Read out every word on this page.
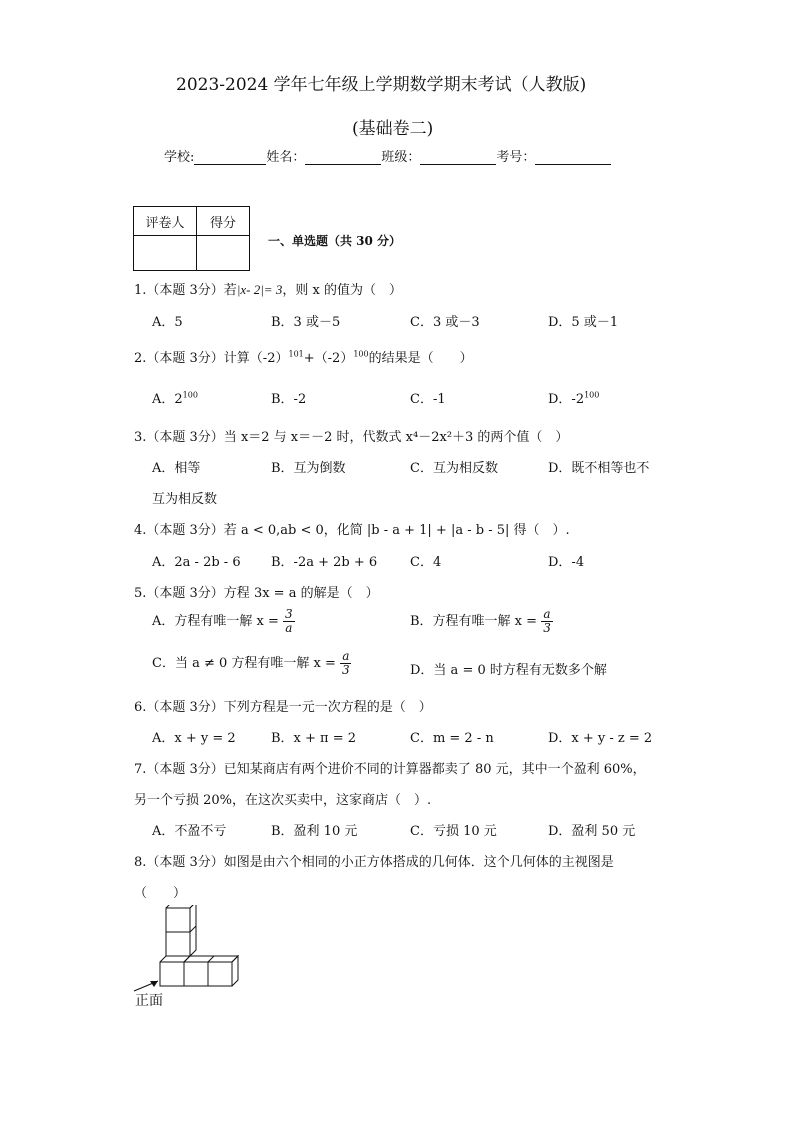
2023-2024 学年七年级上学期数学期末考试（人教版)
(基础卷二)
学校:	姓名：	班级：	考号：
评卷人	得分

一、单选题（共 30 分）
1.（本题 3分）若|x- 2|= 3，则 x 的值为（　）
A．5	B．3 或－5	C．3 或－3	D．5 或－1
2.（本题 3分）计算$(-2)^{101}+(-2)^{100}$的结果是（　　）
A．$2^{100}$	B．-2	C．-1	D．$-2^{100}$
3.（本题 3分）当 x＝2 与 x＝－2 时，代数式 x⁴－2x²＋3 的两个值（　）
A．相等	B．互为倒数	C．互为相反数	D．既不相等也不
互为相反数
4.（本题 3分）若 a < 0,ab < 0，化简 |b - a + 1| + |a - b - 5| 得（　）.
A．2a - 2b - 6 B．-2a + 2b + 6	C．4	D．-4
5.（本题 3分）方程 3x = a 的解是（　）
A．方程有唯一解 $x = \frac{3}{a}$	B．方程有唯一解 $x = \frac{a}{3}$
C．当 a ≠ 0 方程有唯一解 $x = \frac{a}{3}$	D．当 a = 0 时方程有无数多个解
6.（本题 3分）下列方程是一元一次方程的是（　）
A．x + y = 2	B．x + π = 2	C．m = 2 - n	D．x + y - z = 2
7.（本题 3分）已知某商店有两个进价不同的计算器都卖了 80 元，其中一个盈利 60%，
另一个亏损 20%，在这次买卖中，这家商店（　）.
A．不盈不亏	B．盈利 10 元	C．亏损 10 元	D．盈利 50 元
8.（本题 3分）如图是由六个相同的小正方体搭成的几何体．这个几何体的主视图是
（　　）
正面
